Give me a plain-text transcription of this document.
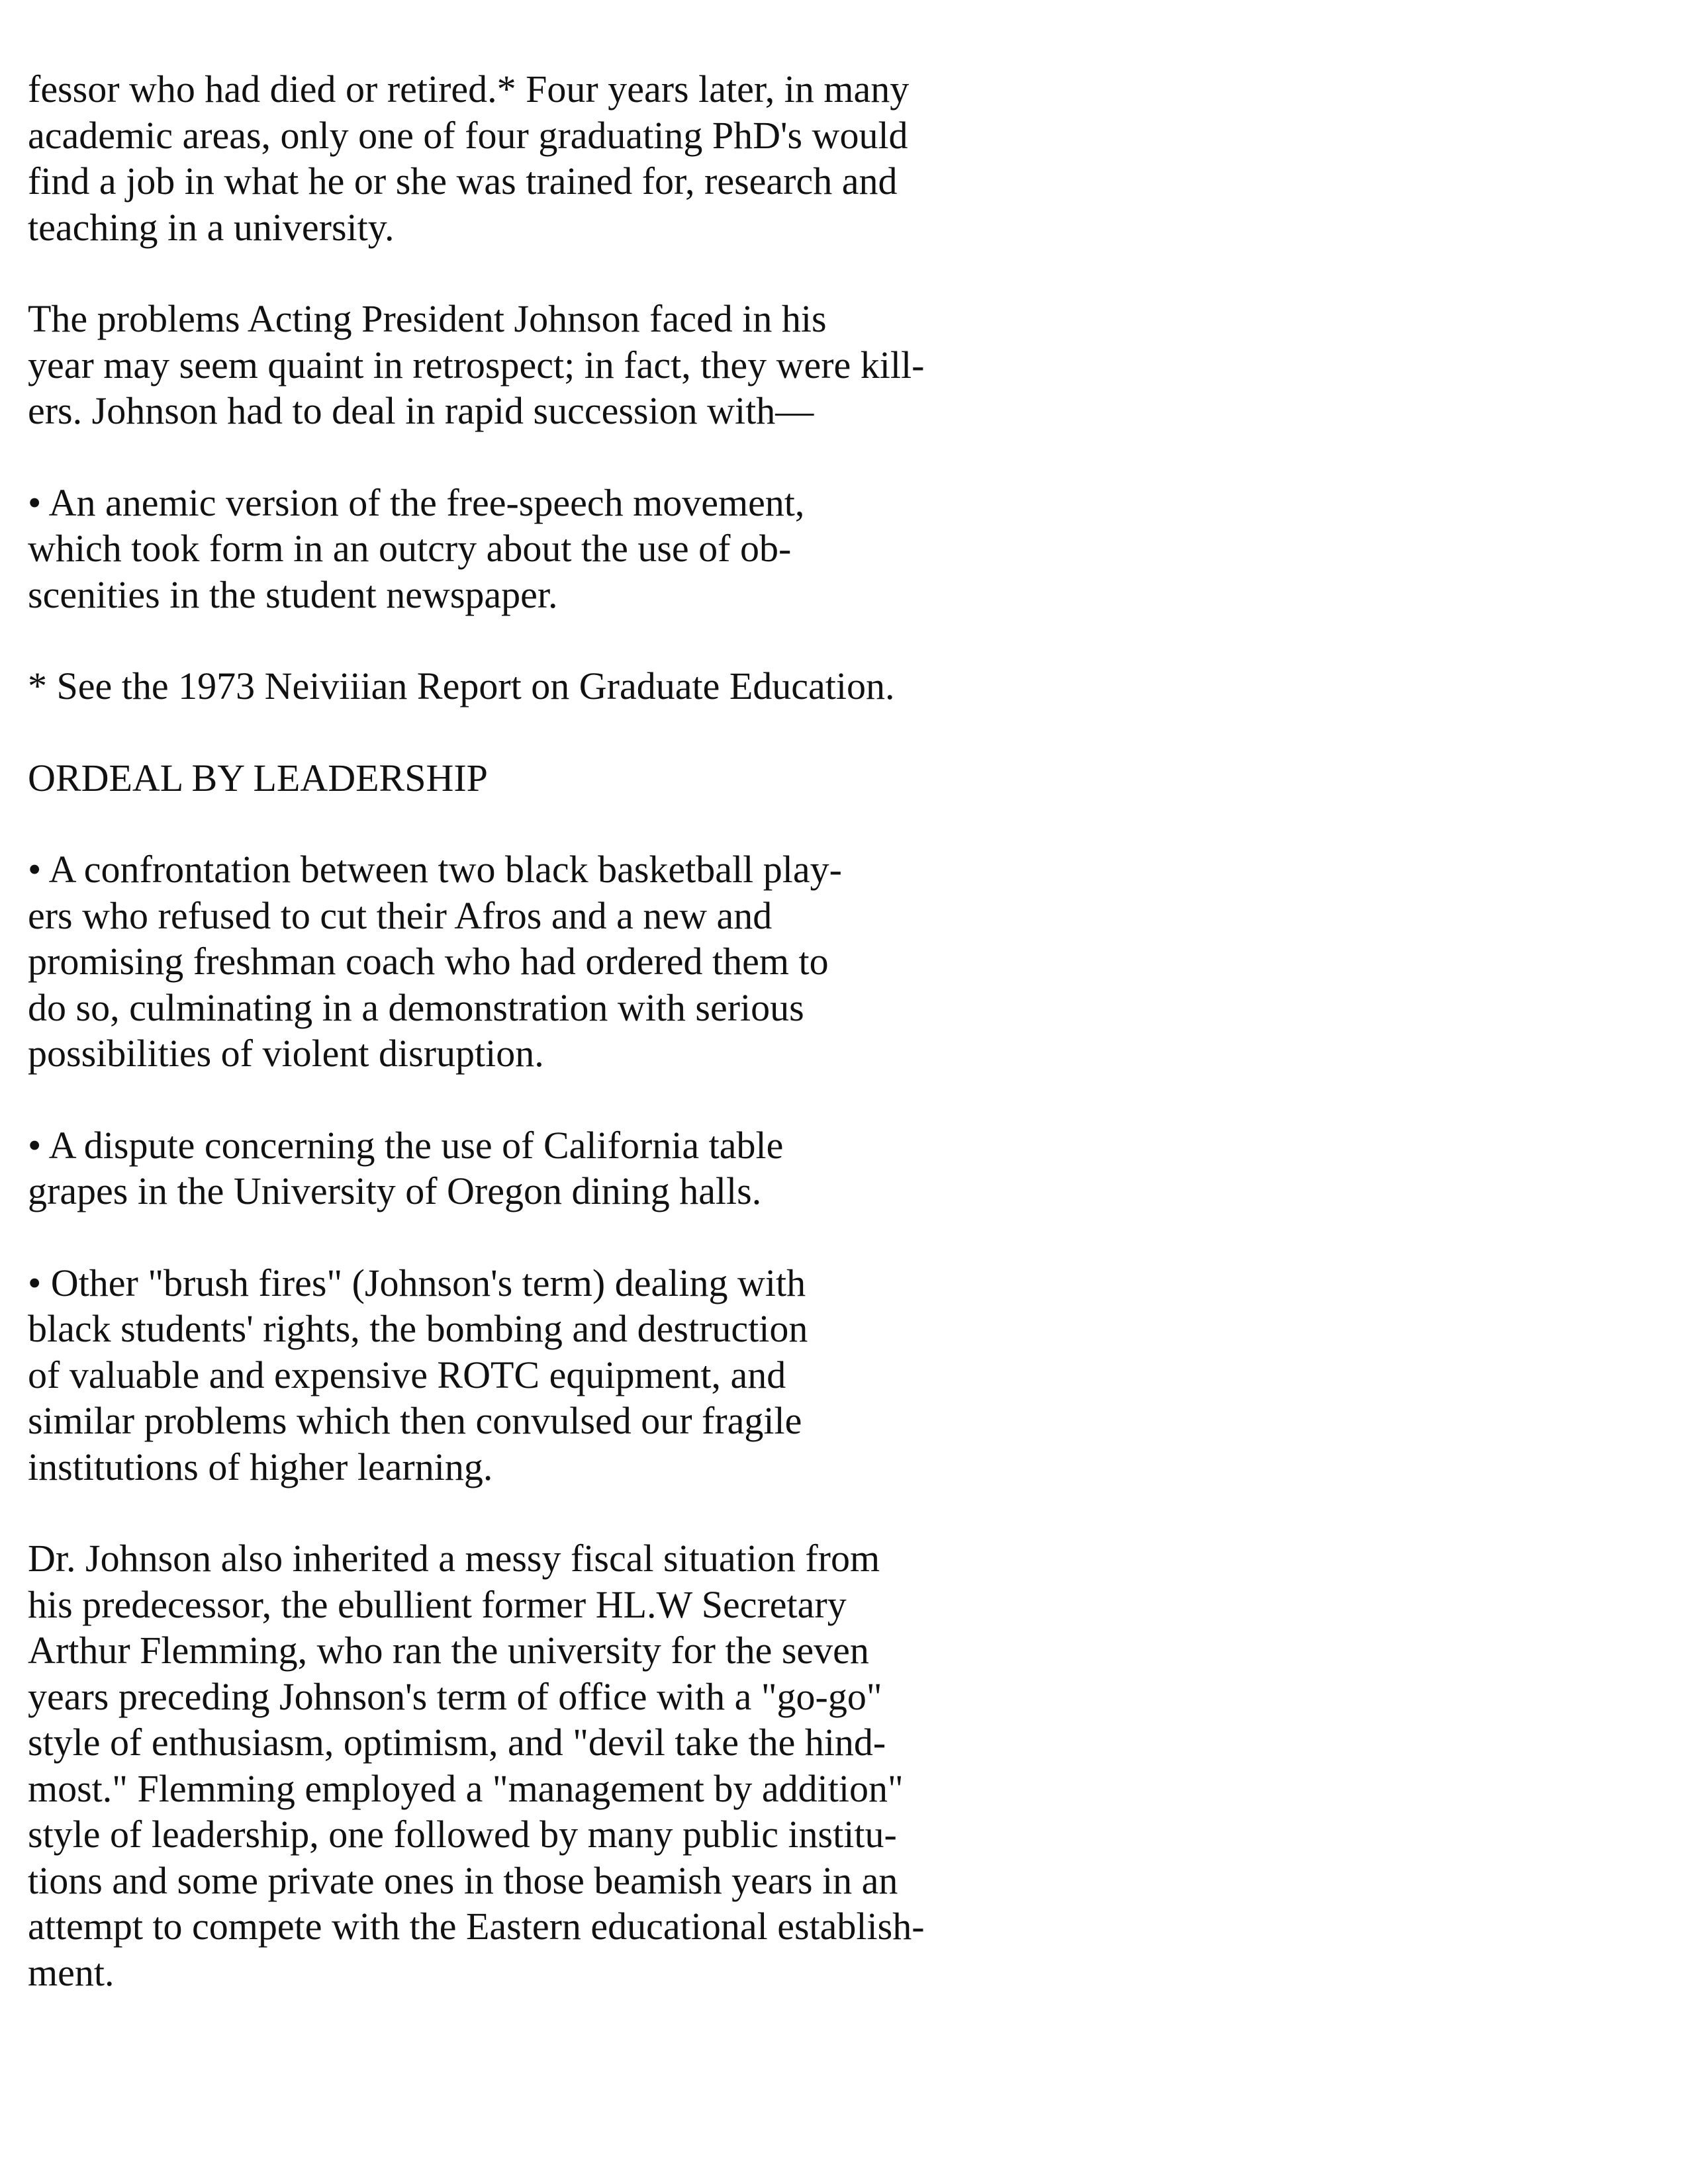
fessor who had died or retired.* Four years later, in many
academic areas, only one of four graduating PhD's would
find a job in what he or she was trained for, research and
teaching in a university.

The problems Acting President Johnson faced in his
year may seem quaint in retrospect; in fact, they were kill-
ers. Johnson had to deal in rapid succession with—

• An anemic version of the free-speech movement,
which took form in an outcry about the use of ob-
scenities in the student newspaper.

* See the 1973 Neiviiian Report on Graduate Education.

ORDEAL BY LEADERSHIP

• A confrontation between two black basketball play-
ers who refused to cut their Afros and a new and
promising freshman coach who had ordered them to
do so, culminating in a demonstration with serious
possibilities of violent disruption.

• A dispute concerning the use of California table
grapes in the University of Oregon dining halls.

• Other "brush fires" (Johnson's term) dealing with
black students' rights, the bombing and destruction
of valuable and expensive ROTC equipment, and
similar problems which then convulsed our fragile
institutions of higher learning.

Dr. Johnson also inherited a messy fiscal situation from
his predecessor, the ebullient former HL.W Secretary
Arthur Flemming, who ran the university for the seven
years preceding Johnson's term of office with a "go-go"
style of enthusiasm, optimism, and "devil take the hind-
most." Flemming employed a "management by addition"
style of leadership, one followed by many public institu-
tions and some private ones in those beamish years in an
attempt to compete with the Eastern educational establish-
ment.
